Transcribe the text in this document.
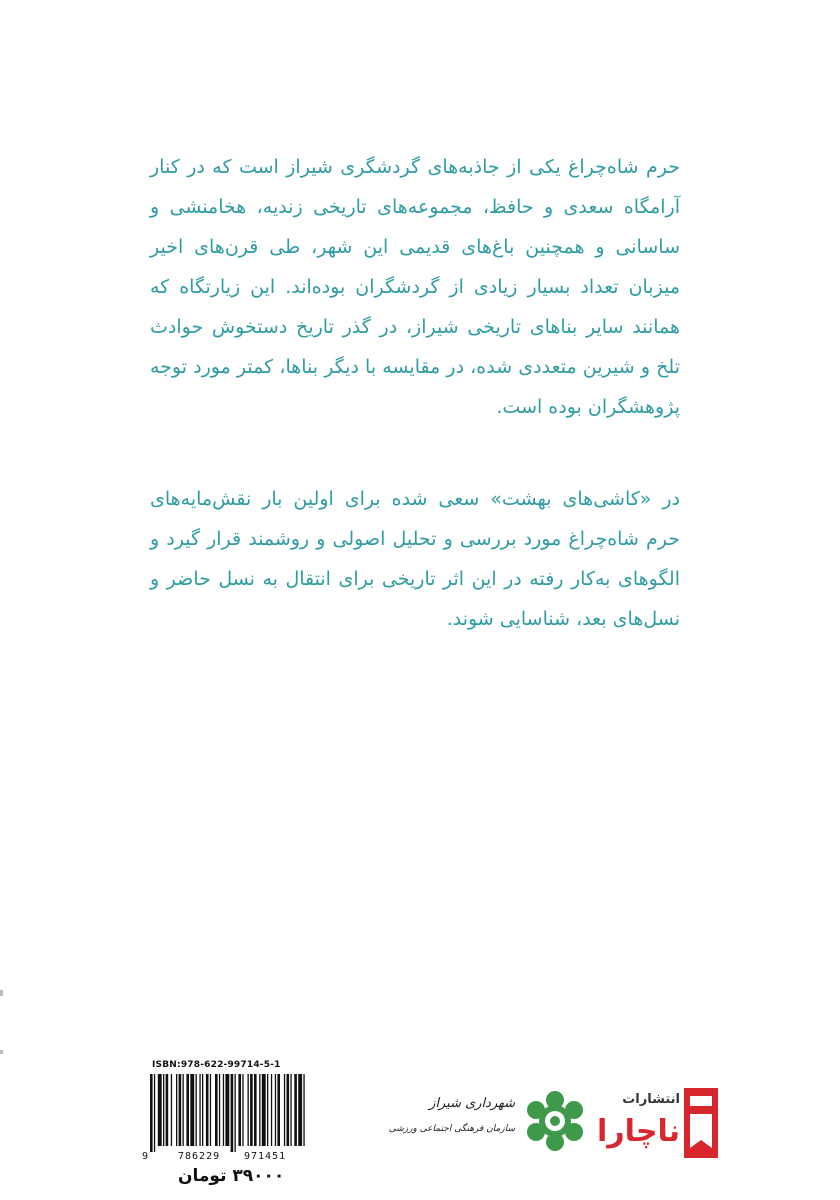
حرم شاه‌چراغ یکی از جاذبه‌های گردشگری شیراز است که در کنار آرامگاه سعدی و حافظ، مجموعه‌های تاریخی زندیه، هخامنشی و ساسانی و همچنین باغ‌های قدیمی این شهر، طی قرن‌های اخیر میزبان تعداد بسیار زیادی از گردشگران بوده‌اند. این زیارتگاه که همانند سایر بناهای تاریخی شیراز، در گذر تاریخ دستخوش حوادث تلخ و شیرین متعددی شده، در مقایسه با دیگر بناها، کمتر مورد توجه پژوهشگران بوده است.

در «کاشی‌های بهشت» سعی شده برای اولین بار نقش‌مایه‌های حرم شاه‌چراغ مورد بررسی و تحلیل اصولی و روشمند قرار گیرد و الگوهای به‌کار رفته در این اثر تاریخی برای انتقال به نسل حاضر و نسل‌های بعد، شناسایی شوند.

ISBN:978-622-99714-5-1
9	786229 971451
۳۹۰۰۰ تومان
شهرداری شیراز
سازمان فرهنگی اجتماعی ورزشی
انتشارات
ناچارا
